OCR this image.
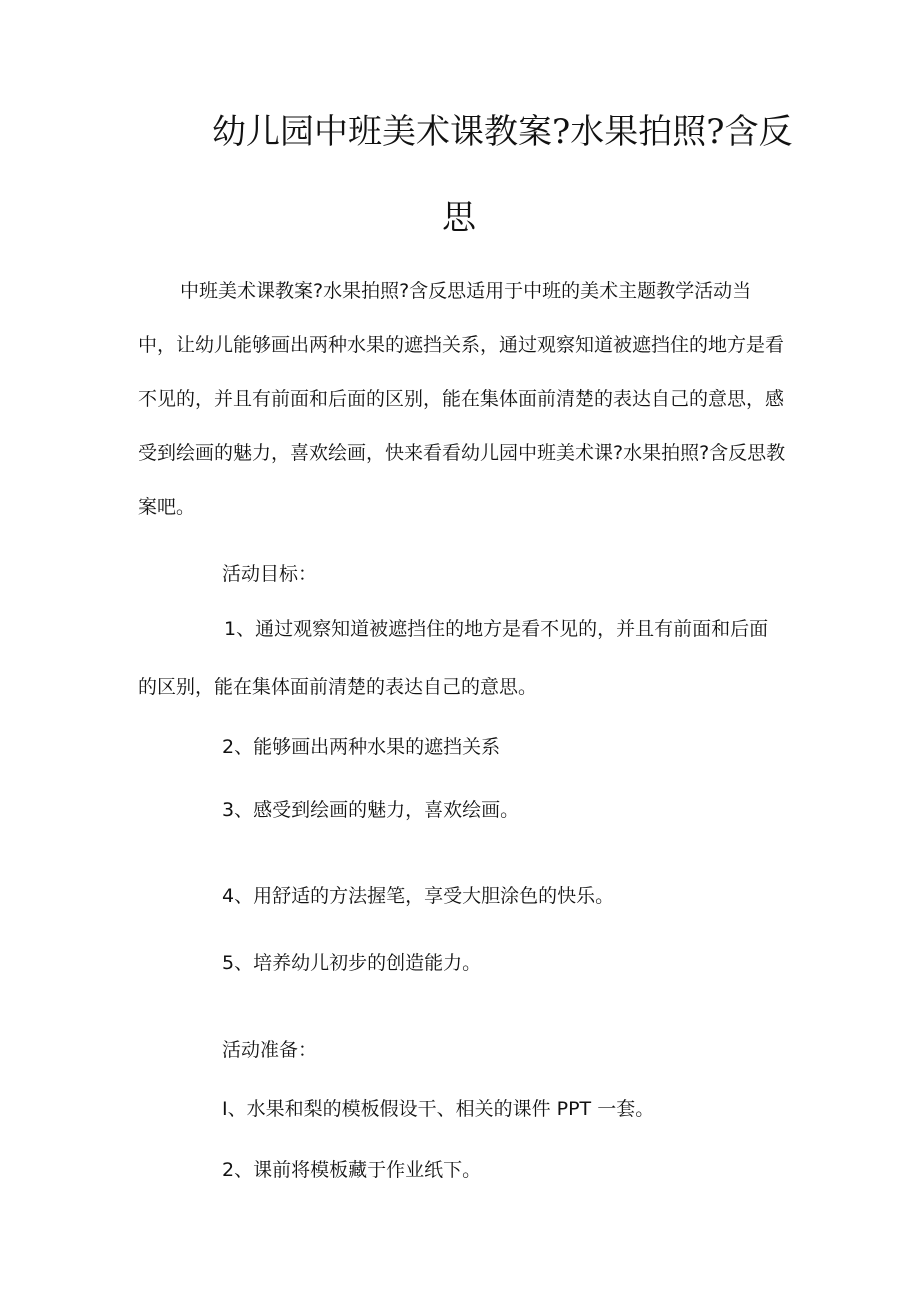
幼儿园中班美术课教案?水果拍照?含反
思

中班美术课教案?水果拍照?含反思适用于中班的美术主题教学活动当中，让幼儿能够画出两种水果的遮挡关系，通过观察知道被遮挡住的地方是看不见的，并且有前面和后面的区别，能在集体面前清楚的表达自己的意思，感受到绘画的魅力，喜欢绘画，快来看看幼儿园中班美术课?水果拍照?含反思教案吧。

活动目标：

1、通过观察知道被遮挡住的地方是看不见的，并且有前面和后面的区别，能在集体面前清楚的表达自己的意思。

2、能够画出两种水果的遮挡关系
3、感受到绘画的魅力，喜欢绘画。
4、用舒适的方法握笔，享受大胆涂色的快乐。
5、培养幼儿初步的创造能力。
活动准备：
I、水果和梨的模板假设干、相关的课件 PPT 一套。
2、课前将模板藏于作业纸下。
